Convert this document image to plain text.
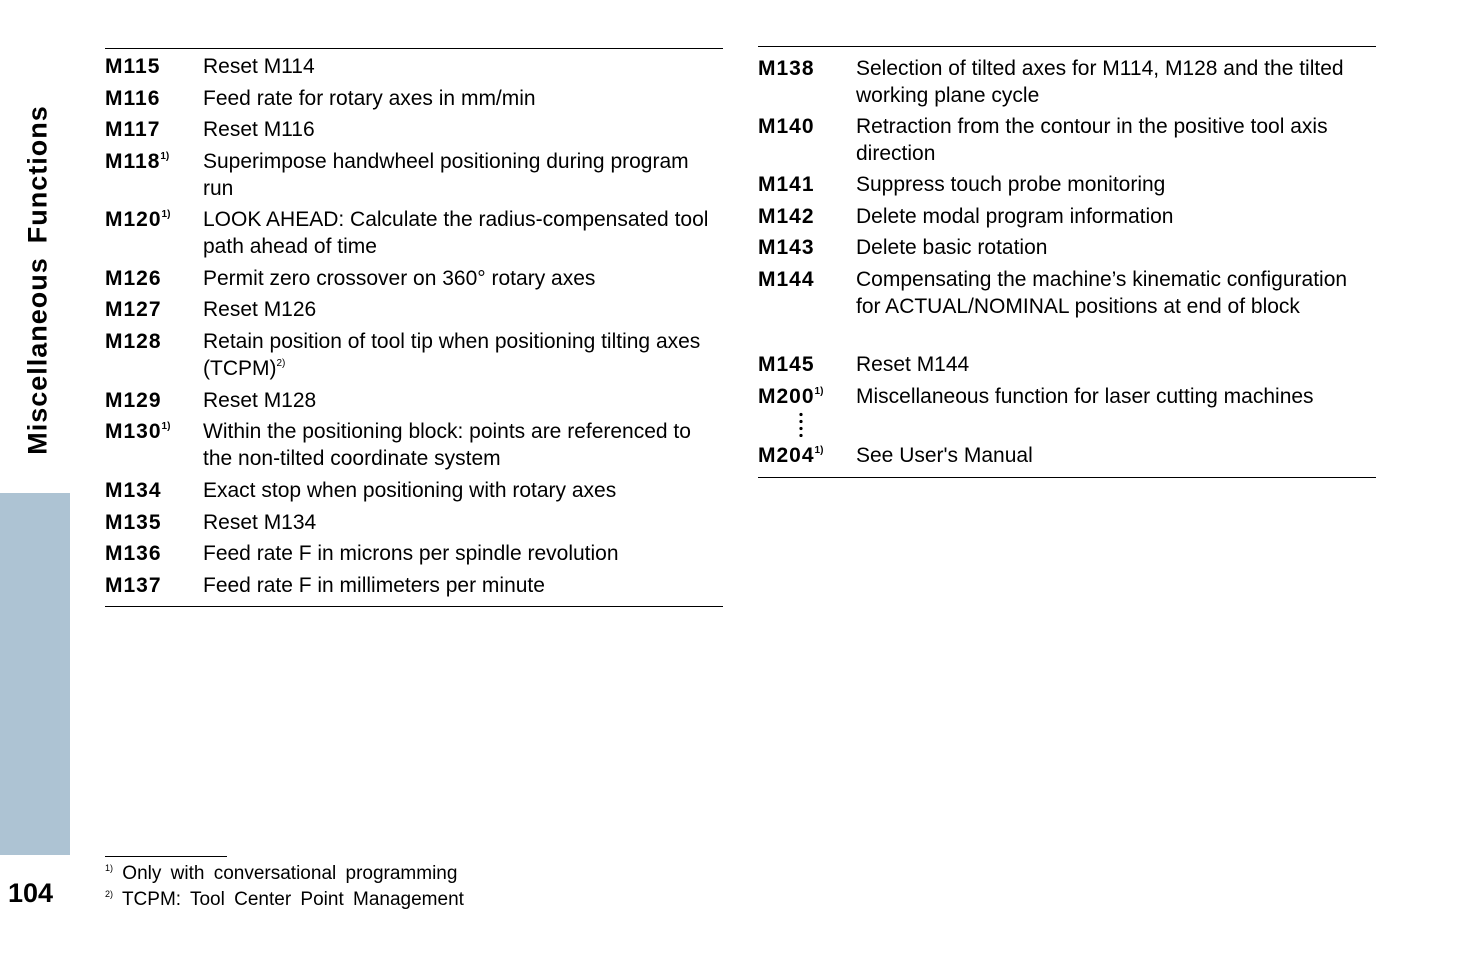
MiscellaneousFunctions
104
M115 Reset M114
M116 Feed rate for rotary axes in mm/min
M117 Reset M116
M118$^{1)}$ Superimpose handwheel positioning during program run
M120$^{1)}$ LOOK AHEAD: Calculate the radius-compensated tool path ahead of time
M126 Permit zero crossover on 360° rotary axes
M127 Reset M126
M128 Retain position of tool tip when positioning tilting axes (TCPM)$^{2)}$
M129 Reset M128
M130$^{1)}$ Within the positioning block: points are referenced to the non-tilted coordinate system
M134 Exact stop when positioning with rotary axes
M135 Reset M134
M136 Feed rate F in microns per spindle revolution
M137 Feed rate F in millimeters per minute
M138 Selection of tilted axes for M114, M128 and the tilted working plane cycle
M140 Retraction from the contour in the positive tool axis direction
M141 Suppress touch probe monitoring
M142 Delete modal program information
M143 Delete basic rotation
M144 Compensating the machine’s kinematic configuration for ACTUAL/NOMINAL positions at end of block
M145 Reset M144
M200$^{1)}$ Miscellaneous function for laser cutting machines
M204$^{1)}$ See User's Manual
$^{1)}$ Only with conversational programming
$^{2)}$ TCPM: Tool Center Point Management
